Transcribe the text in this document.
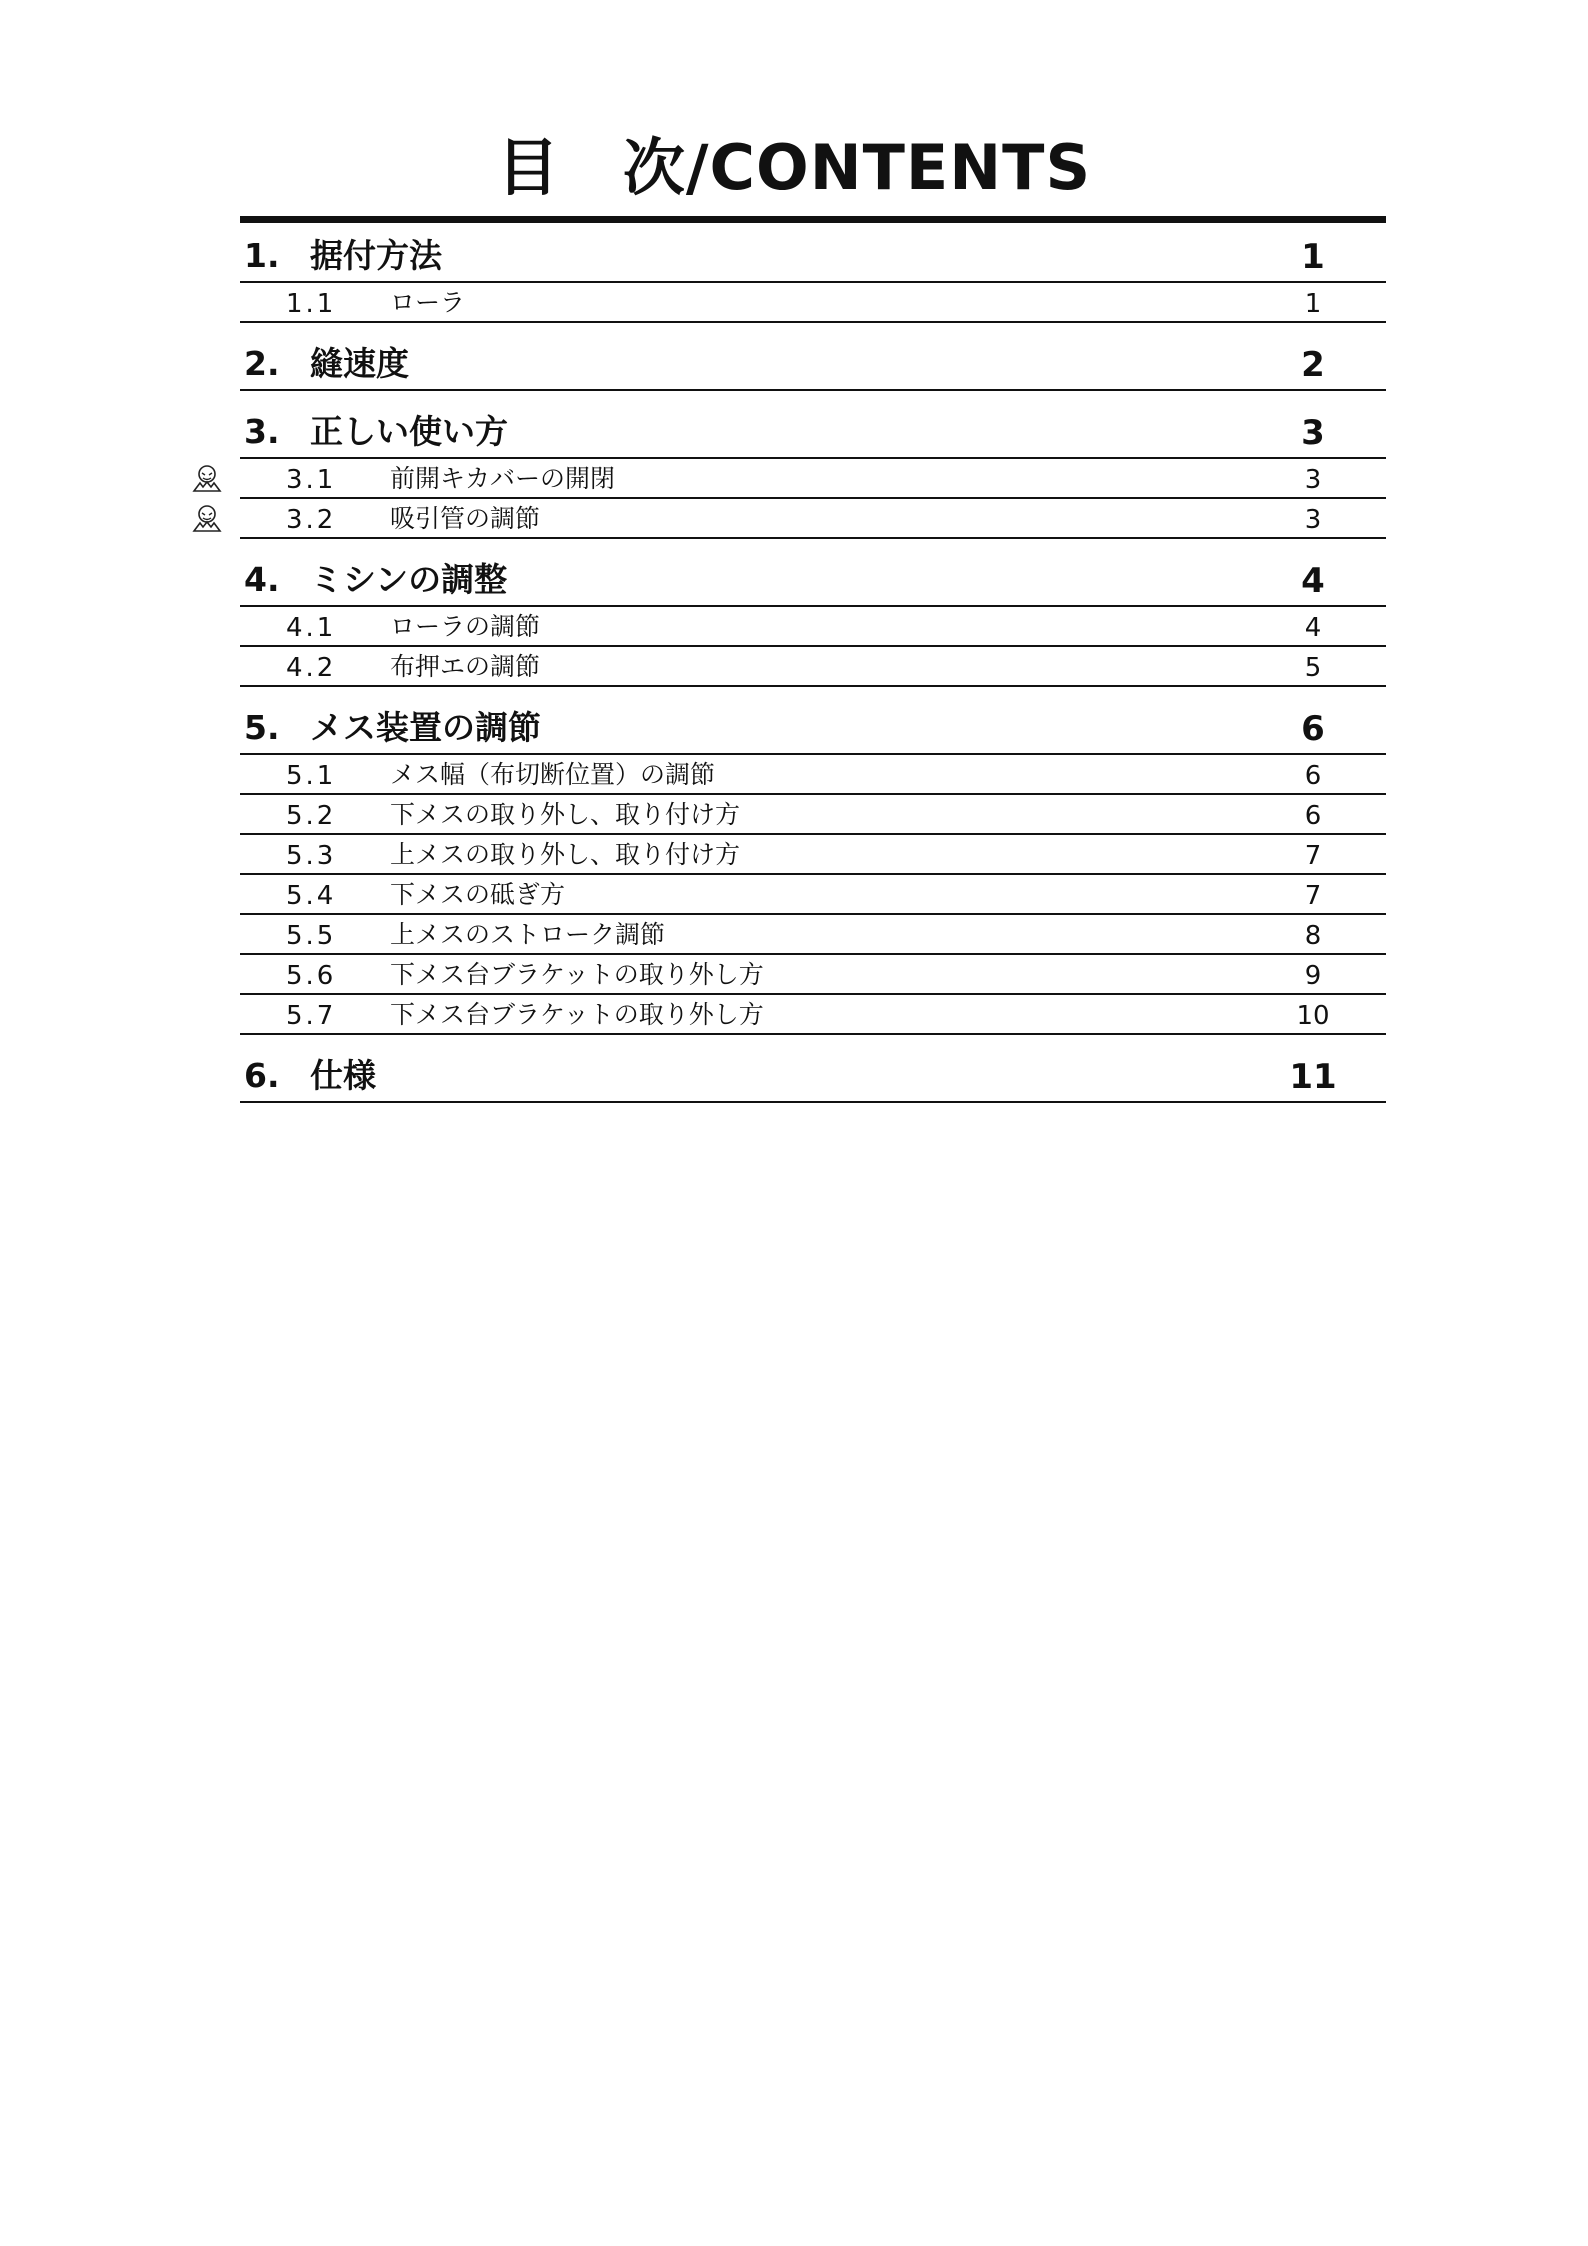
目　次/CONTENTS
1. 据付方法	1
1.1	ローラ	1
2. 縫速度	2
3. 正しい使い方	3
3.1	前開キカバーの開閉	3
3.2	吸引管の調節	3
4. ミシンの調整	4
4.1	ローラの調節	4
4.2	布押エの調節	5
5. メス装置の調節	6
5.1	メス幅（布切断位置）の調節	6
5.2	下メスの取り外し、取り付け方	6
5.3	上メスの取り外し、取り付け方	7
5.4	下メスの砥ぎ方	7
5.5	上メスのストローク調節	8
5.6	下メス台ブラケットの取り外し方	9
5.7	下メス台ブラケットの取り外し方	10
6. 仕様	11
